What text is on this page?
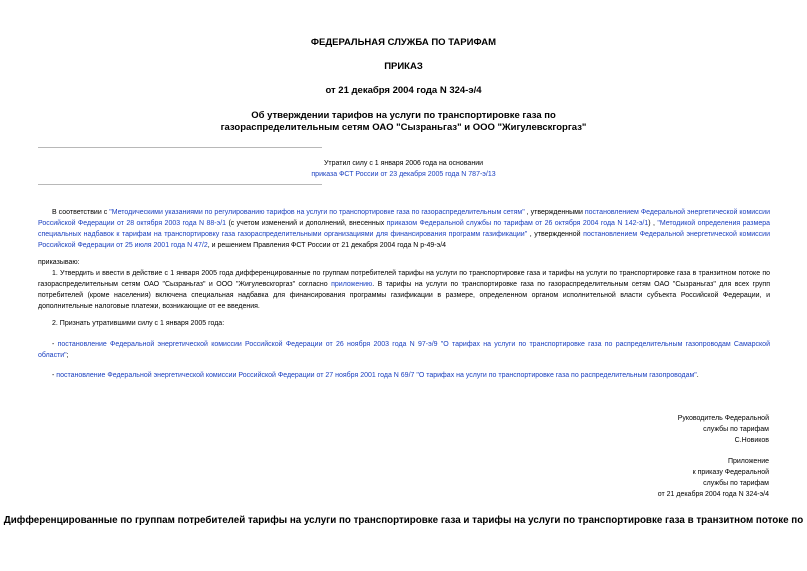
ФЕДЕРАЛЬНАЯ СЛУЖБА ПО ТАРИФАМ
ПРИКАЗ
от 21 декабря 2004 года N 324-э/4
Об утверждении тарифов на услуги по транспортировке газа по
газораспределительным сетям ОАО "Сызраньгаз" и ООО "Жигулевскгоргаз"
Утратил силу с 1 января 2006 года на основании
приказа ФСТ России от 23 декабря 2005 года N 787-э/13
В соответствии с "Методическими указаниями по регулированию тарифов на услуги по транспортировке газа по газораспределительным сетям" , утвержденными постановлением Федеральной энергетической комиссии Российской Федерации от 28 октября 2003 года N 88-э/1 (с учетом изменений и дополнений, внесенных приказом Федеральной службы по тарифам от 26 октября 2004 года N 142-э/1) , "Методикой определения размера специальных надбавок к тарифам на транспортировку газа газораспределительными организациями для финансирования программ газификации" , утвержденной постановлением Федеральной энергетической комиссии Российской Федерации от 25 июля 2001 года N 47/2, и решением Правления ФСТ России от 21 декабря 2004 года N р-49-э/4
приказываю:
1. Утвердить и ввести в действие с 1 января 2005 года дифференцированные по группам потребителей тарифы на услуги по транспортировке газа и тарифы на услуги по транспортировке газа в транзитном потоке по газораспределительным сетям ОАО "Сызраньгаз" и ООО "Жигулевскгоргаз" согласно приложению. В тарифы на услуги по транспортировке газа по газораспределительным сетям ОАО "Сызраньгаз" для всех групп потребителей (кроме населения) включена специальная надбавка для финансирования программы газификации в размере, определенном органом исполнительной власти субъекта Российской Федерации, и дополнительные налоговые платежи, возникающие от ее введения.
2. Признать утратившими силу с 1 января 2005 года:
- постановление Федеральной энергетической комиссии Российской Федерации от 26 ноября 2003 года N 97-э/9 "О тарифах на услуги по транспортировке газа по распределительным газопроводам Самарской области";
- постановление Федеральной энергетической комиссии Российской Федерации от 27 ноября 2001 года N 69/7 "О тарифах на услуги по транспортировке газа по распределительным газопроводам".
Руководитель Федеральной
службы по тарифам
С.Новиков
Приложение
к приказу Федеральной
службы по тарифам
от 21 декабря 2004 года N 324-э/4
Дифференцированные по группам потребителей тарифы на услуги по транспортировке газа и тарифы на услуги по транспортировке газа в транзитном потоке по
